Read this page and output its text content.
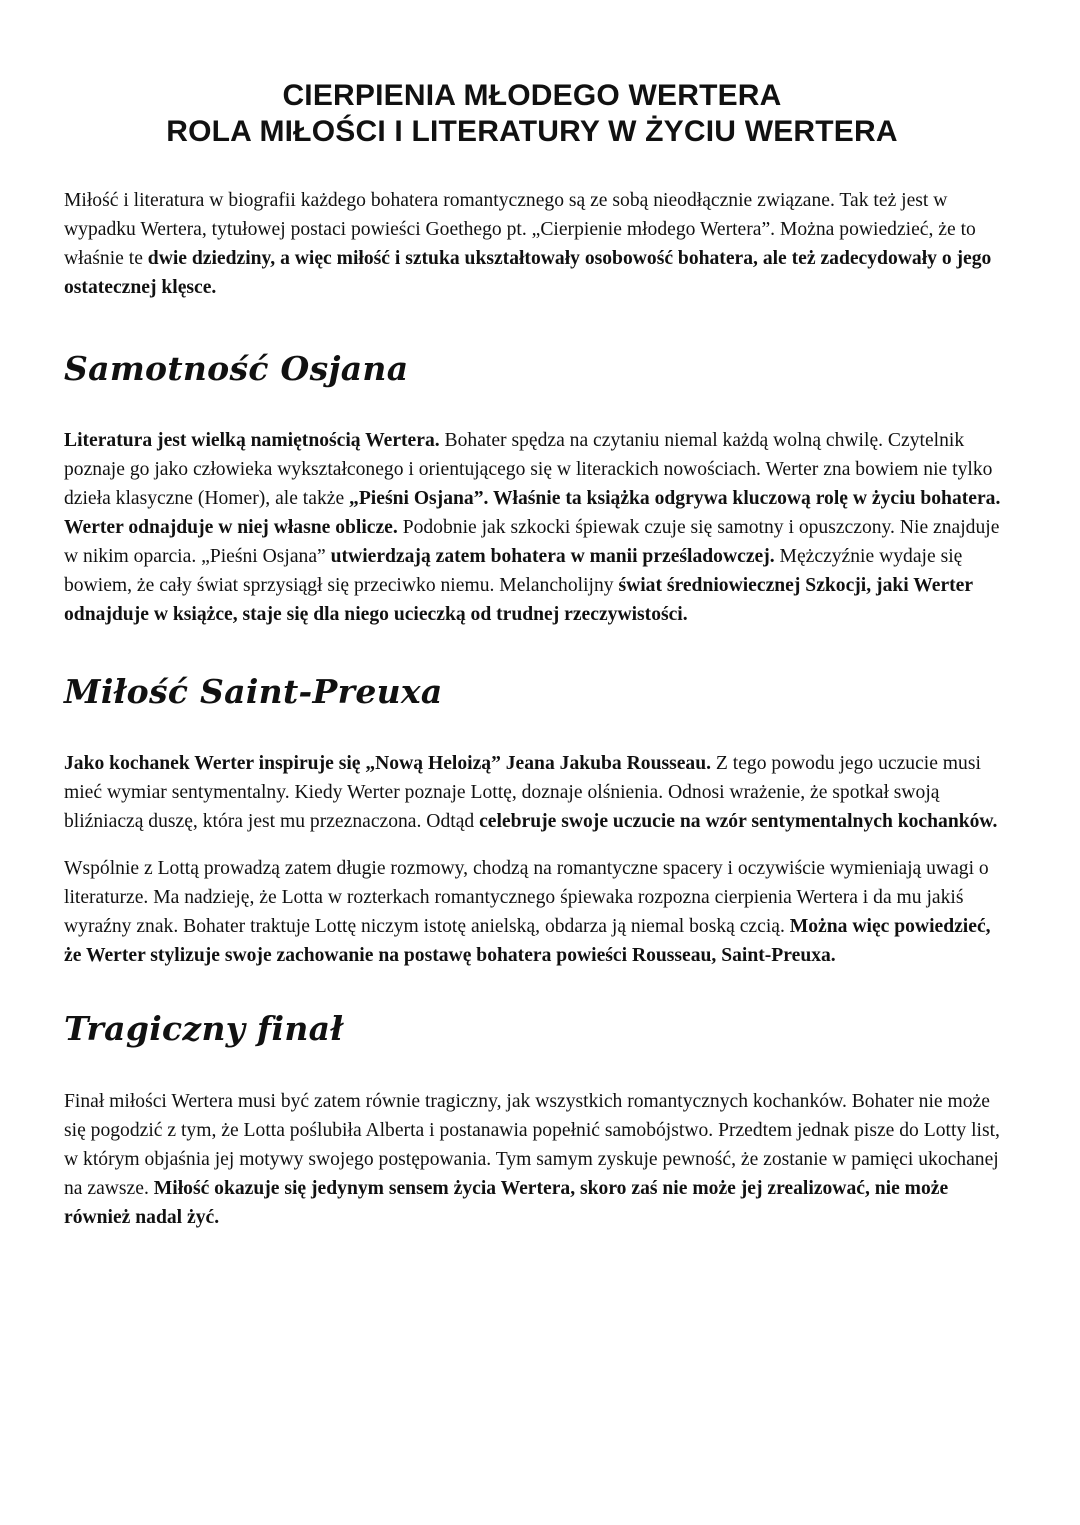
CIERPIENIA MŁODEGO WERTERA
ROLA MIŁOŚCI I LITERATURY W ŻYCIU WERTERA

Miłość i literatura w biografii każdego bohatera romantycznego są ze sobą nieodłącznie związane. Tak też jest w wypadku Wertera, tytułowej postaci powieści Goethego pt. „Cierpienie młodego Wertera”. Można powiedzieć, że to właśnie te dwie dziedziny, a więc miłość i sztuka ukształtowały osobowość bohatera, ale też zadecydowały o jego ostatecznej klęsce.

Samotność Osjana

Literatura jest wielką namiętnością Wertera. Bohater spędza na czytaniu niemal każdą wolną chwilę. Czytelnik poznaje go jako człowieka wykształconego i orientującego się w literackich nowościach. Werter zna bowiem nie tylko dzieła klasyczne (Homer), ale także „Pieśni Osjana”. Właśnie ta książka odgrywa kluczową rolę w życiu bohatera. Werter odnajduje w niej własne oblicze. Podobnie jak szkocki śpiewak czuje się samotny i opuszczony. Nie znajduje w nikim oparcia. „Pieśni Osjana” utwierdzają zatem bohatera w manii prześladowczej. Mężczyźnie wydaje się bowiem, że cały świat sprzysiągł się przeciwko niemu. Melancholijny świat średniowiecznej Szkocji, jaki Werter odnajduje w książce, staje się dla niego ucieczką od trudnej rzeczywistości.

Miłość Saint-Preuxa

Jako kochanek Werter inspiruje się „Nową Heloizą” Jeana Jakuba Rousseau. Z tego powodu jego uczucie musi mieć wymiar sentymentalny. Kiedy Werter poznaje Lottę, doznaje olśnienia. Odnosi wrażenie, że spotkał swoją bliźniaczą duszę, która jest mu przeznaczona. Odtąd celebruje swoje uczucie na wzór sentymentalnych kochanków.

Wspólnie z Lottą prowadzą zatem długie rozmowy, chodzą na romantyczne spacery i oczywiście wymieniają uwagi o literaturze. Ma nadzieję, że Lotta w rozterkach romantycznego śpiewaka rozpozna cierpienia Wertera i da mu jakiś wyraźny znak. Bohater traktuje Lottę niczym istotę anielską, obdarza ją niemal boską czcią. Można więc powiedzieć, że Werter stylizuje swoje zachowanie na postawę bohatera powieści Rousseau, Saint-Preuxa.

Tragiczny finał

Finał miłości Wertera musi być zatem równie tragiczny, jak wszystkich romantycznych kochanków. Bohater nie może się pogodzić z tym, że Lotta poślubiła Alberta i postanawia popełnić samobójstwo. Przedtem jednak pisze do Lotty list, w którym objaśnia jej motywy swojego postępowania. Tym samym zyskuje pewność, że zostanie w pamięci ukochanej na zawsze. Miłość okazuje się jedynym sensem życia Wertera, skoro zaś nie może jej zrealizować, nie może również nadal żyć.
